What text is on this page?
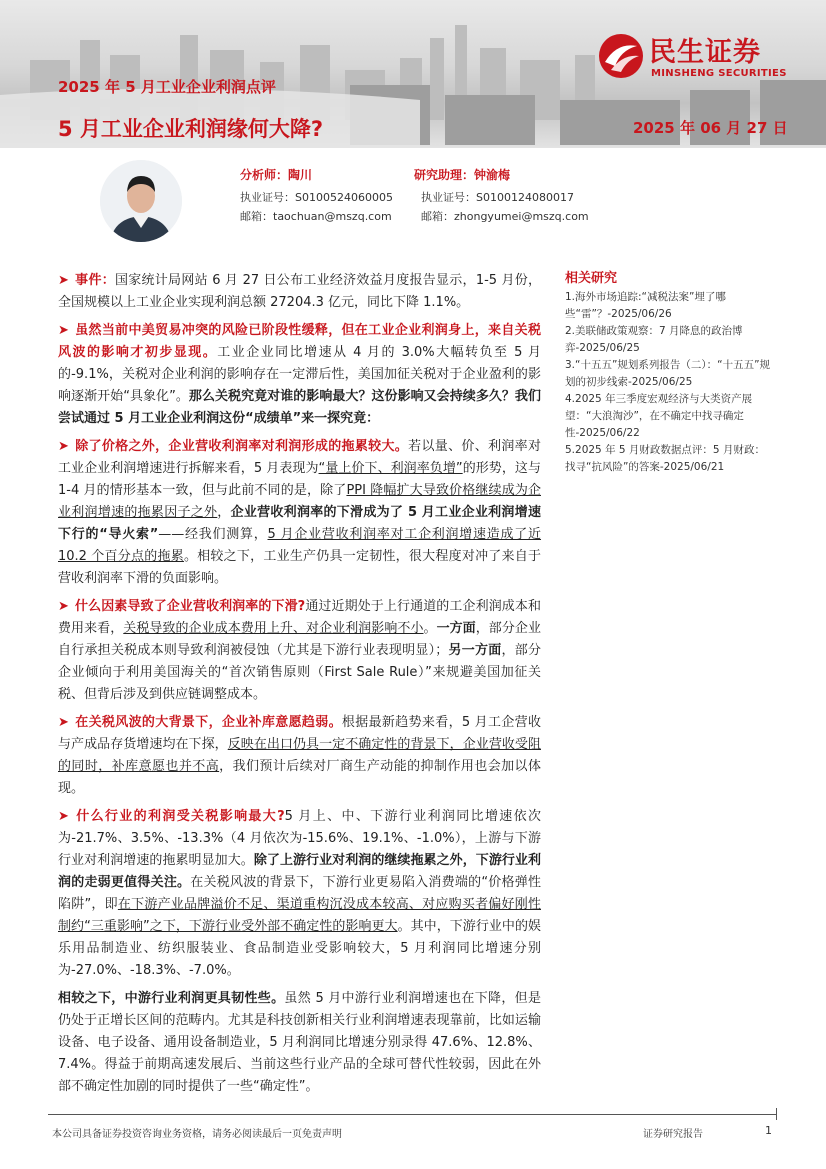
2025 年 5 月工业企业利润点评
5 月工业企业利润缘何大降?	2025 年 06 月 27 日
民生证券
MINSHENG SECURITIES
分析师：陶川
执业证号：S0100524060005
邮箱：taochuan@mszq.com
研究助理：钟渝梅
执业证号：S0100124080017
邮箱：zhongyumei@mszq.com

➤ 事件：国家统计局网站 6 月 27 日公布工业经济效益月度报告显示，1-5 月份，全国规模以上工业企业实现利润总额 27204.3 亿元，同比下降 1.1%。

➤ 虽然当前中美贸易冲突的风险已阶段性缓释，但在工业企业利润身上，来自关税风波的影响才初步显现。工业企业同比增速从 4 月的 3.0%大幅转负至 5 月的-9.1%，关税对企业利润的影响存在一定滞后性，美国加征关税对于企业盈利的影响逐渐开始“具象化”。那么关税究竟对谁的影响最大？这份影响又会持续多久？我们尝试通过 5 月工业企业利润这份“成绩单”来一探究竟：

➤ 除了价格之外，企业营收利润率对利润形成的拖累较大。若以量、价、利润率对工业企业利润增速进行拆解来看，5 月表现为“量上价下、利润率负增”的形势，这与 1-4 月的情形基本一致，但与此前不同的是，除了PPI 降幅扩大导致价格继续成为企业利润增速的拖累因子之外，企业营收利润率的下滑成为了 5 月工业企业利润增速下行的“导火索”——经我们测算，5 月企业营收利润率对工企利润增速造成了近 10.2 个百分点的拖累。相较之下，工业生产仍具一定韧性，很大程度对冲了来自于营收利润率下滑的负面影响。

➤ 什么因素导致了企业营收利润率的下滑?通过近期处于上行通道的工企利润成本和费用来看，关税导致的企业成本费用上升、对企业利润影响不小。一方面，部分企业自行承担关税成本则导致利润被侵蚀（尤其是下游行业表现明显）；另一方面，部分企业倾向于利用美国海关的“首次销售原则（First Sale Rule）”来规避美国加征关税、但背后涉及到供应链调整成本。

➤ 在关税风波的大背景下，企业补库意愿趋弱。根据最新趋势来看，5 月工企营收与产成品存货增速均在下探，反映在出口仍具一定不确定性的背景下，企业营收受阻的同时，补库意愿也并不高，我们预计后续对厂商生产动能的抑制作用也会加以体现。

➤ 什么行业的利润受关税影响最大?5 月上、中、下游行业利润同比增速依次为-21.7%、3.5%、-13.3%（4 月依次为-15.6%、19.1%、-1.0%），上游与下游行业对利润增速的拖累明显加大。除了上游行业对利润的继续拖累之外，下游行业利润的走弱更值得关注。在关税风波的背景下，下游行业更易陷入消费端的“价格弹性陷阱”，即在下游产业品牌溢价不足、渠道重构沉没成本较高、对应购买者偏好刚性制约“三重影响”之下，下游行业受外部不确定性的影响更大。其中，下游行业中的娱乐用品制造业、纺织服装业、食品制造业受影响较大，5 月利润同比增速分别为-27.0%、-18.3%、-7.0%。

相较之下，中游行业利润更具韧性些。虽然 5 月中游行业利润增速也在下降，但是仍处于正增长区间的范畴内。尤其是科技创新相关行业利润增速表现靠前，比如运输设备、电子设备、通用设备制造业，5 月利润同比增速分别录得 47.6%、12.8%、7.4%。得益于前期高速发展后、当前这些行业产品的全球可替代性较弱，因此在外部不确定性加剧的同时提供了一些“确定性”。

相关研究

1.海外市场追踪:“减税法案”埋了哪些“雷”？-2025/06/26

2.美联储政策观察：7 月降息的政治博弈-2025/06/25

3.“十五五”规划系列报告（二）：“十五五”规划的初步线索-2025/06/25

4.2025 年三季度宏观经济与大类资产展望：“大浪淘沙”，在不确定中找寻确定性-2025/06/22

5.2025 年 5 月财政数据点评：5 月财政：找寻“抗风险”的答案-2025/06/21

本公司具备证券投资咨询业务资格，请务必阅读最后一页免责声明	证券研究报告	1
